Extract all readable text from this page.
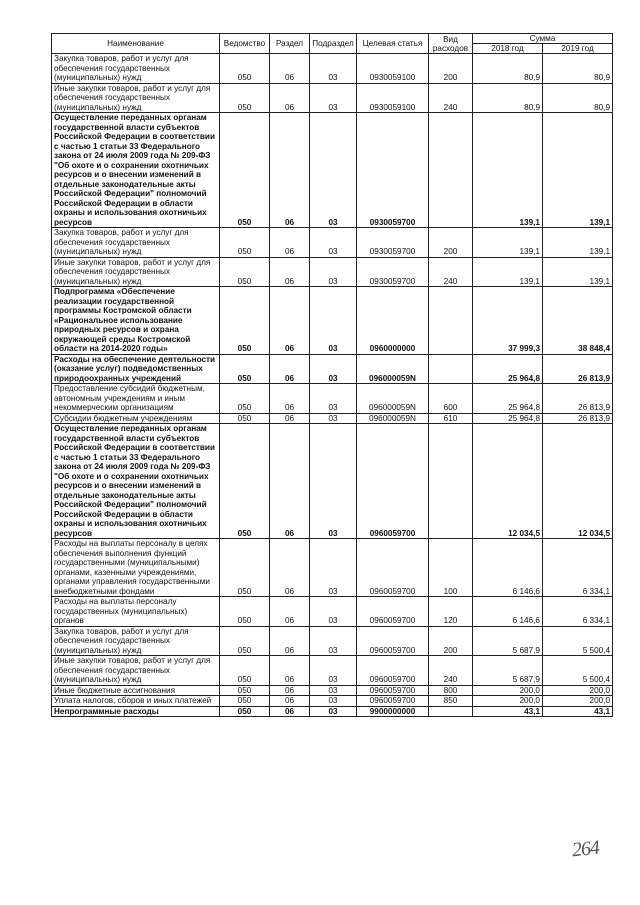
Наименование	Ведомство	Раздел	Подраздел	Целевая статья	Вид расходов	Сумма	
						2018 год	2019 год
Закупка товаров, работ и услуг для обеспечения государственных (муниципальных) нужд	050	06	03	0930059100	200	80,9	80,9
Иные закупки товаров, работ и услуг для обеспечения государственных (муниципальных) нужд	050	06	03	0930059100	240	80,9	80,9
Осуществление переданных органам государственной власти субъектов Российской Федерации в соответствии с частью 1 статьи 33 Федерального закона от 24 июля 2009 года № 209-ФЗ "Об охоте и о сохранении охотничьих ресурсов и о внесении изменений в отдельные законодательные акты Российской Федерации" полномочий Российской Федерации в области охраны и использования охотничьих ресурсов	050	06	03	0930059700		139,1	139,1
Закупка товаров, работ и услуг для обеспечения государственных (муниципальных) нужд	050	06	03	0930059700	200	139,1	139,1
Иные закупки товаров, работ и услуг для обеспечения государственных (муниципальных) нужд	050	06	03	0930059700	240	139,1	139,1
Подпрограмма «Обеспечение реализации государственной программы Костромской области «Рациональное использование природных ресурсов и охрана окружающей среды Костромской области на 2014-2020 годы»	050	06	03	0960000000		37 999,3	38 848,4
Расходы на обеспечение деятельности (оказание услуг) подведомственных природоохранных учреждений	050	06	03	096000059N		25 964,8	26 813,9
Предоставление субсидий бюджетным, автономным учреждениям и иным некоммерческим организациям	050	06	03	096000059N	600	25 964,8	26 813,9
Субсидии бюджетным учреждениям	050	06	03	096000059N	610	25 964,8	26 813,9
Осуществление переданных органам государственной власти субъектов Российской Федерации в соответствии с частью 1 статьи 33 Федерального закона от 24 июля 2009 года № 209-ФЗ "Об охоте и о сохранении охотничьих ресурсов и о внесении изменений в отдельные законодательные акты Российской Федерации" полномочий Российской Федерации в области охраны и использования охотничьих ресурсов	050	06	03	0960059700		12 034,5	12 034,5
Расходы на выплаты персоналу в целях обеспечения выполнения функций государственными (муниципальными) органами, казенными учреждениями, органами управления государственными внебюджетными фондами	050	06	03	0960059700	100	6 146,6	6 334,1
Расходы на выплаты персоналу государственных (муниципальных) органов	050	06	03	0960059700	120	6 146,6	6 334,1
Закупка товаров, работ и услуг для обеспечения государственных (муниципальных) нужд	050	06	03	0960059700	200	5 687,9	5 500,4
Иные закупки товаров, работ и услуг для обеспечения государственных (муниципальных) нужд	050	06	03	0960059700	240	5 687,9	5 500,4
Иные бюджетные ассигнования	050	06	03	0960059700	800	200,0	200,0
Уплата налогов, сборов и иных платежей	050	06	03	0960059700	850	200,0	200,0
Непрограммные расходы	050	06	03	9900000000		43,1	43,1
264
